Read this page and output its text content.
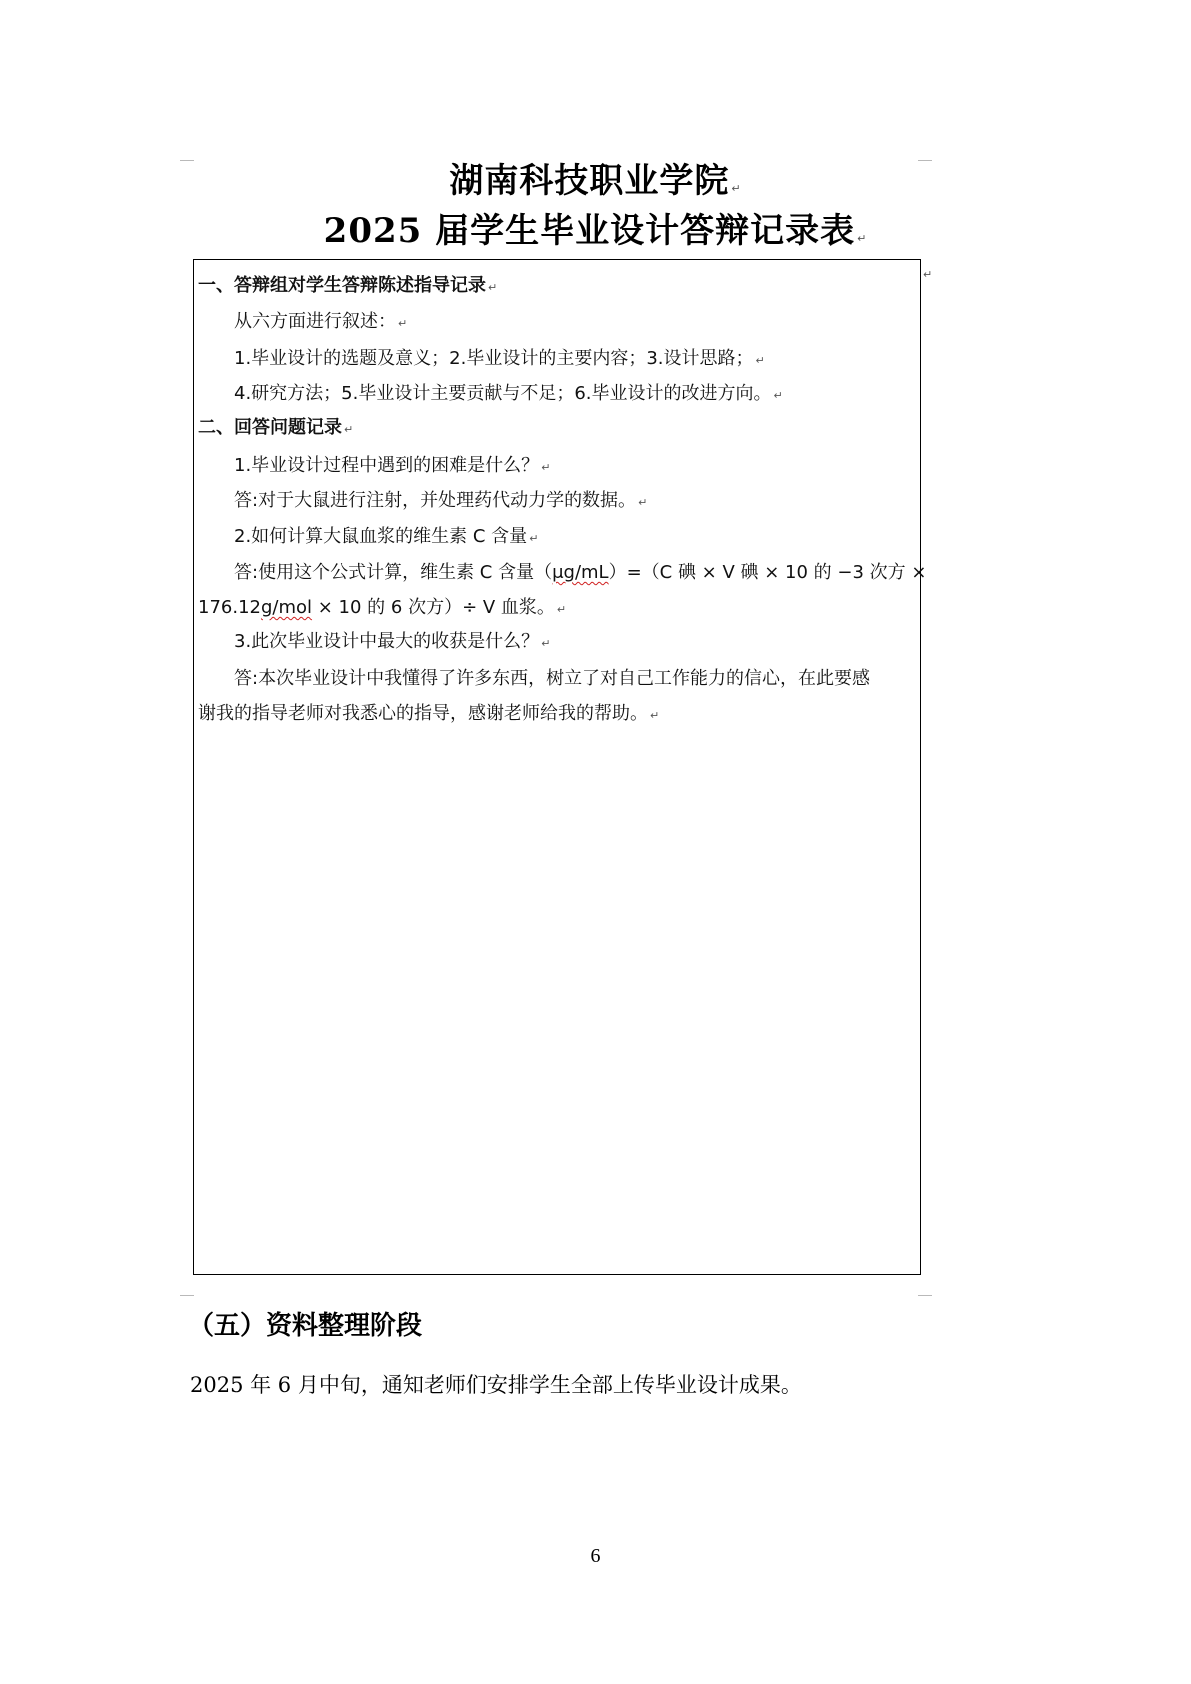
湖南科技职业学院 ↵
2025 届学生毕业设计答辩记录表 ↵
↵
一、答辩组对学生答辩陈述指导记录 ↵
从六方面进行叙述： ↵
1.毕业设计的选题及意义；2.毕业设计的主要内容；3.设计思路； ↵
4.研究方法；5.毕业设计主要贡献与不足；6.毕业设计的改进方向。 ↵
二、回答问题记录 ↵
1.毕业设计过程中遇到的困难是什么？ ↵
答:对于大鼠进行注射，并处理药代动力学的数据。 ↵
2.如何计算大鼠血浆的维生素 C 含量 ↵
答:使用这个公式计算，维生素 C 含量（μg/mL）=（C 碘 × V 碘 × 10 的 −3 次方 ×
176.12g/mol × 10 的 6 次方）÷ V 血浆。 ↵
3.此次毕业设计中最大的收获是什么？ ↵
答:本次毕业设计中我懂得了许多东西，树立了对自己工作能力的信心，在此要感
谢我的指导老师对我悉心的指导，感谢老师给我的帮助。 ↵
（五）资料整理阶段
2025 年 6 月中旬，通知老师们安排学生全部上传毕业设计成果。
6
